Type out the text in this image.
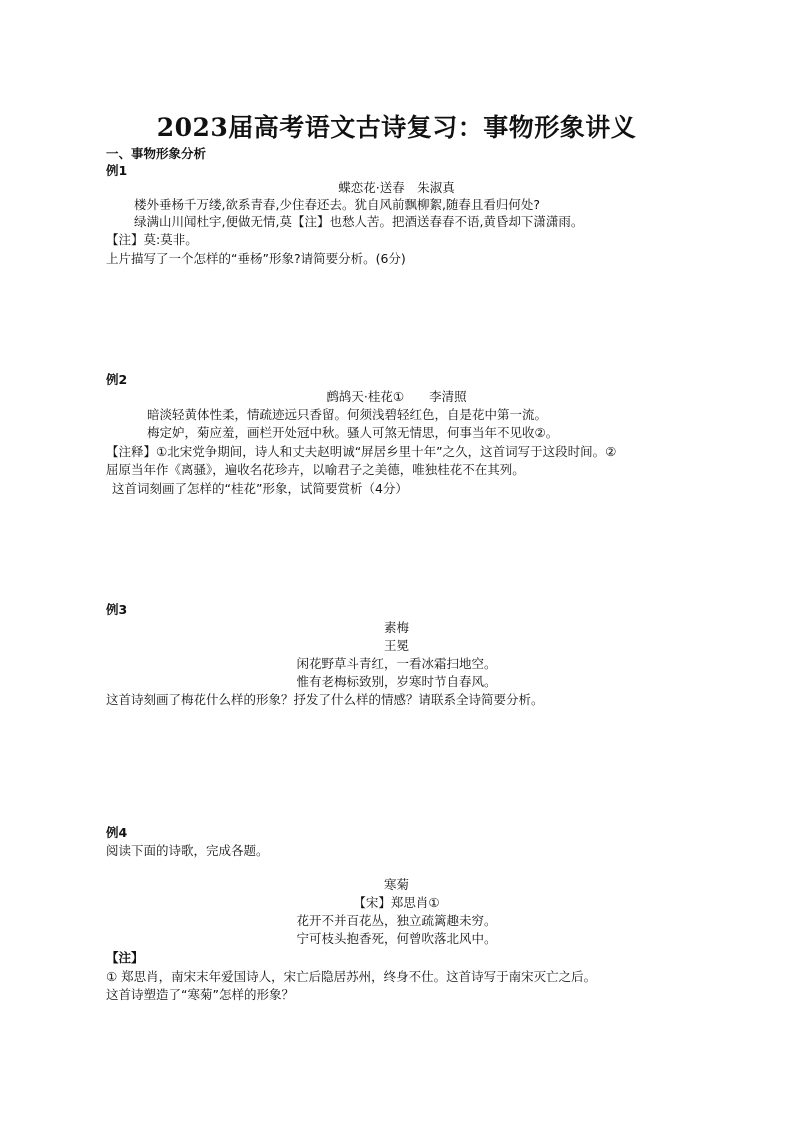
2023届高考语文古诗复习：事物形象讲义
一、事物形象分析
例1
蝶恋花·送春　朱淑真
楼外垂杨千万缕,欲系青春,少住春还去。犹自风前飘柳絮,随春且看归何处?
绿满山川闻杜宇,便做无情,莫【注】也愁人苦。把酒送春春不语,黄昏却下潇潇雨。
【注】莫:莫非。
上片描写了一个怎样的“垂杨”形象?请简要分析。(6分)
例2
鹧鸪天·桂花①　　李清照
暗淡轻黄体性柔，情疏迹远只香留。何须浅碧轻红色，自是花中第一流。
梅定妒，菊应羞，画栏开处冠中秋。骚人可煞无情思，何事当年不见收②。
【注释】①北宋党争期间，诗人和丈夫赵明诚“屏居乡里十年”之久，这首词写于这段时间。②
屈原当年作《离骚》，遍收名花珍卉，以喻君子之美德，唯独桂花不在其列。
这首词刻画了怎样的“桂花”形象，试简要赏析（4分）
例3
素梅
王冕
闲花野草斗青红，一看冰霜扫地空。
惟有老梅标致别，岁寒时节自春风。
这首诗刻画了梅花什么样的形象？抒发了什么样的情感？请联系全诗简要分析。
例4
阅读下面的诗歌，完成各题。
寒菊
【宋】郑思肖①
花开不并百花丛，独立疏篱趣未穷。
宁可枝头抱香死，何曾吹落北风中。
【注】
① 郑思肖，南宋末年爱国诗人，宋亡后隐居苏州，终身不仕。这首诗写于南宋灭亡之后。
这首诗塑造了“寒菊”怎样的形象？
